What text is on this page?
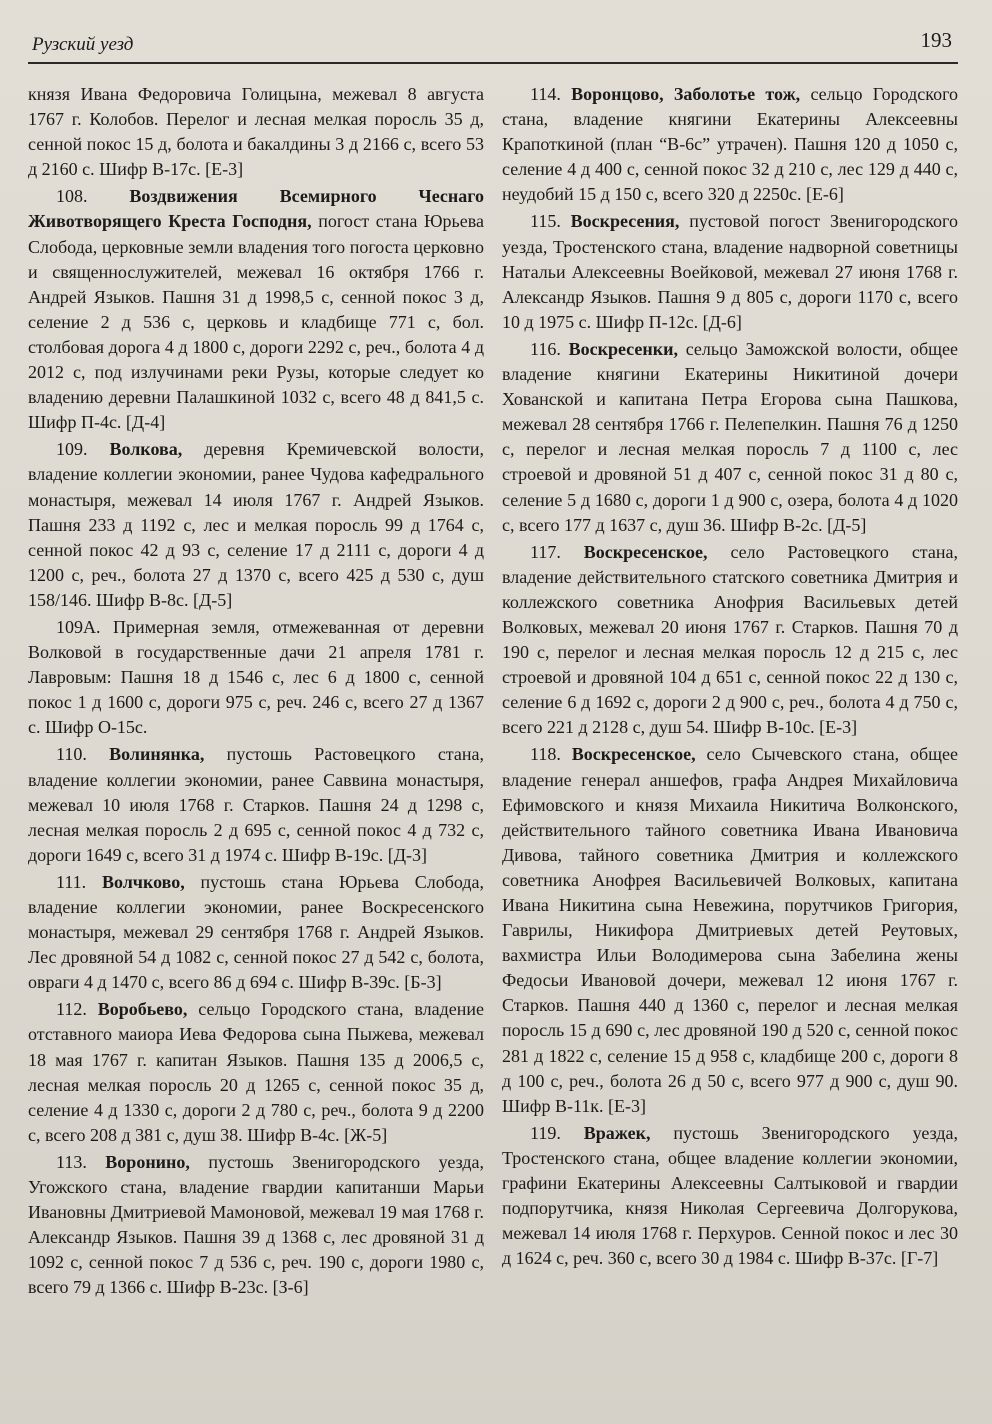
Рузский уезд	193

князя Ивана Федоровича Голицына, межевал 8 августа 1767 г. Колобов. Перелог и лесная мелкая поросль 35 д, сенной покос 15 д, болота и бакалдины 3 д 2166 с, всего 53 д 2160 с. Шифр В-17с. [Е-3]

108. Воздвижения Всемирного Чеснаго Животворящего Креста Господня, погост стана Юрьева Слобода, церковные земли владения того погоста церковно и священнослужителей, межевал 16 октября 1766 г. Андрей Языков. Пашня 31 д 1998,5 с, сенной покос 3 д, селение 2 д 536 с, церковь и кладбище 771 с, бол. столбовая дорога 4 д 1800 с, дороги 2292 с, реч., болота 4 д 2012 с, под излучинами реки Рузы, которые следует ко владению деревни Палашкиной 1032 с, всего 48 д 841,5 с. Шифр П-4с. [Д-4]

109. Волкова, деревня Кремичевской волости, владение коллегии экономии, ранее Чудова кафедрального монастыря, межевал 14 июля 1767 г. Андрей Языков. Пашня 233 д 1192 с, лес и мелкая поросль 99 д 1764 с, сенной покос 42 д 93 с, селение 17 д 2111 с, дороги 4 д 1200 с, реч., болота 27 д 1370 с, всего 425 д 530 с, душ 158/146. Шифр В-8с. [Д-5]

109А. Примерная земля, отмежеванная от деревни Волковой в государственные дачи 21 апреля 1781 г. Лавровым: Пашня 18 д 1546 с, лес 6 д 1800 с, сенной покос 1 д 1600 с, дороги 975 с, реч. 246 с, всего 27 д 1367 с. Шифр О-15с.

110. Волинянка, пустошь Растовецкого стана, владение коллегии экономии, ранее Саввина монастыря, межевал 10 июля 1768 г. Старков. Пашня 24 д 1298 с, лесная мелкая поросль 2 д 695 с, сенной покос 4 д 732 с, дороги 1649 с, всего 31 д 1974 с. Шифр В-19с. [Д-3]

111. Волчково, пустошь стана Юрьева Слобода, владение коллегии экономии, ранее Воскресенского монастыря, межевал 29 сентября 1768 г. Андрей Языков. Лес дровяной 54 д 1082 с, сенной покос 27 д 542 с, болота, овраги 4 д 1470 с, всего 86 д 694 с. Шифр В-39с. [Б-3]

112. Воробьево, сельцо Городского стана, владение отставного маиора Иева Федорова сына Пыжева, межевал 18 мая 1767 г. капитан Языков. Пашня 135 д 2006,5 с, лесная мелкая поросль 20 д 1265 с, сенной покос 35 д, селение 4 д 1330 с, дороги 2 д 780 с, реч., болота 9 д 2200 с, всего 208 д 381 с, душ 38. Шифр В-4с. [Ж-5]

113. Воронино, пустошь Звенигородского уезда, Угожского стана, владение гвардии капитанши Марьи Ивановны Дмитриевой Мамоновой, межевал 19 мая 1768 г. Александр Языков. Пашня 39 д 1368 с, лес дровяной 31 д 1092 с, сенной покос 7 д 536 с, реч. 190 с, дороги 1980 с, всего 79 д 1366 с. Шифр В-23с. [З-6]

114. Воронцово, Заболотье тож, сельцо Городского стана, владение княгини Екатерины Алексеевны Крапоткиной (план “В-6с” утрачен). Пашня 120 д 1050 с, селение 4 д 400 с, сенной покос 32 д 210 с, лес 129 д 440 с, неудобий 15 д 150 с, всего 320 д 2250с. [Е-6]

115. Воскресения, пустовой погост Звенигородского уезда, Тростенского стана, владение надворной советницы Натальи Алексеевны Воейковой, межевал 27 июня 1768 г. Александр Языков. Пашня 9 д 805 с, дороги 1170 с, всего 10 д 1975 с. Шифр П-12с. [Д-6]

116. Воскресенки, сельцо Заможской волости, общее владение княгини Екатерины Никитиной дочери Хованской и капитана Петра Егорова сына Пашкова, межевал 28 сентября 1766 г. Пелепелкин. Пашня 76 д 1250 с, перелог и лесная мелкая поросль 7 д 1100 с, лес строевой и дровяной 51 д 407 с, сенной покос 31 д 80 с, селение 5 д 1680 с, дороги 1 д 900 с, озера, болота 4 д 1020 с, всего 177 д 1637 с, душ 36. Шифр В-2с. [Д-5]

117. Воскресенское, село Растовецкого стана, владение действительного статского советника Дмитрия и коллежского советника Анофрия Васильевых детей Волковых, межевал 20 июня 1767 г. Старков. Пашня 70 д 190 с, перелог и лесная мелкая поросль 12 д 215 с, лес строевой и дровяной 104 д 651 с, сенной покос 22 д 130 с, селение 6 д 1692 с, дороги 2 д 900 с, реч., болота 4 д 750 с, всего 221 д 2128 с, душ 54. Шифр В-10с. [Е-3]

118. Воскресенское, село Сычевского стана, общее владение генерал аншефов, графа Андрея Михайловича Ефимовского и князя Михаила Никитича Волконского, действительного тайного советника Ивана Ивановича Дивова, тайного советника Дмитрия и коллежского советника Анофрея Васильевичей Волковых, капитана Ивана Никитина сына Невежина, порутчиков Григория, Гаврилы, Никифора Дмитриевых детей Реутовых, вахмистра Ильи Володимерова сына Забелина жены Федосьи Ивановой дочери, межевал 12 июня 1767 г. Старков. Пашня 440 д 1360 с, перелог и лесная мелкая поросль 15 д 690 с, лес дровяной 190 д 520 с, сенной покос 281 д 1822 с, селение 15 д 958 с, кладбище 200 с, дороги 8 д 100 с, реч., болота 26 д 50 с, всего 977 д 900 с, душ 90. Шифр В-11к. [Е-3]

119. Вражек, пустошь Звенигородского уезда, Тростенского стана, общее владение коллегии экономии, графини Екатерины Алексеевны Салтыковой и гвардии подпорутчика, князя Николая Сергеевича Долгорукова, межевал 14 июля 1768 г. Перхуров. Сенной покос и лес 30 д 1624 с, реч. 360 с, всего 30 д 1984 с. Шифр В-37с. [Г-7]
